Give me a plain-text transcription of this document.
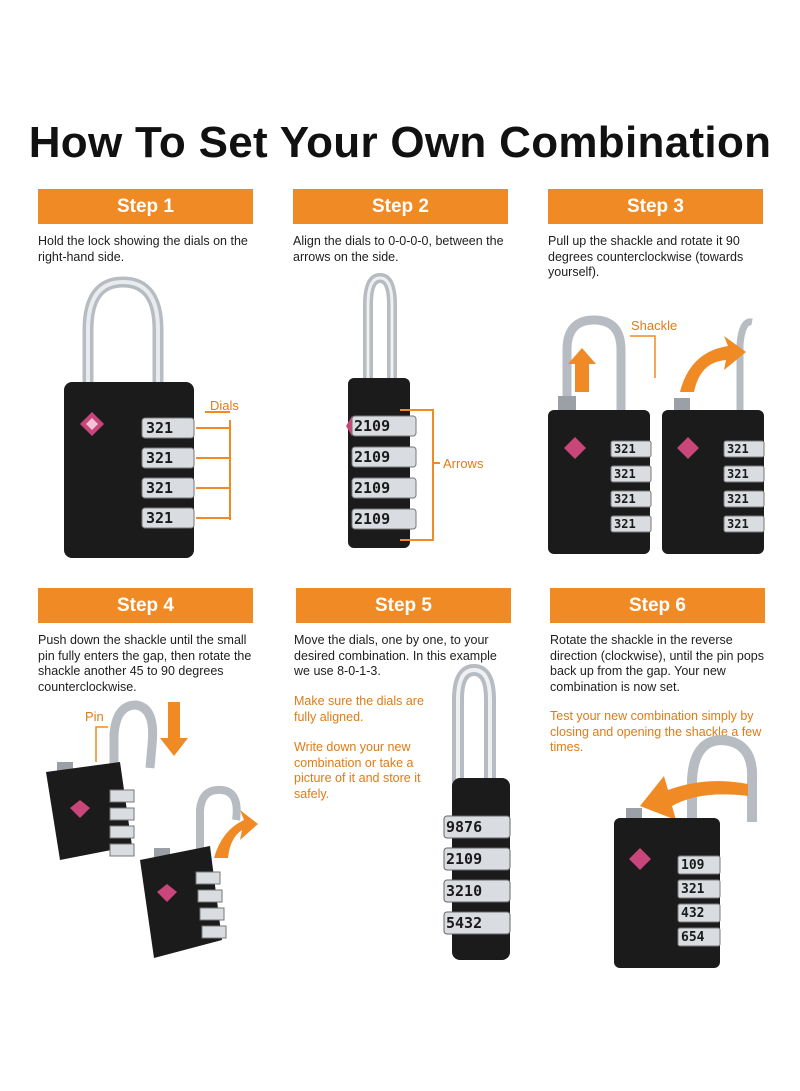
How To Set Your Own Combination
Step 1
Hold the lock showing the dials on the right-hand side.
Dials
321
321
321
321
Step 2
Align the dials to 0-0-0-0, between the arrows on the side.
Arrows
2109
2109
2109
2109
Step 3
Pull up the shackle and rotate it 90 degrees counterclockwise (towards yourself).
Shackle
321
321
321
321
321
321
321
321
Step 4
Push down the shackle until the small pin fully enters the gap, then rotate the shackle another 45 to 90 degrees counterclockwise.
Pin
Step 5
Move the dials, one by one, to your desired combination. In this example we use 8-0-1-3.
Make sure the dials are fully aligned.
Write down your new combination or take a picture of it and store it safely.
9876
2109
3210
5432
Step 6
Rotate the shackle in the reverse direction (clockwise), until the pin pops back up from the gap. Your new combination is now set.
Test your new combination simply by closing and opening the shackle a few times.
109
321
432
654
